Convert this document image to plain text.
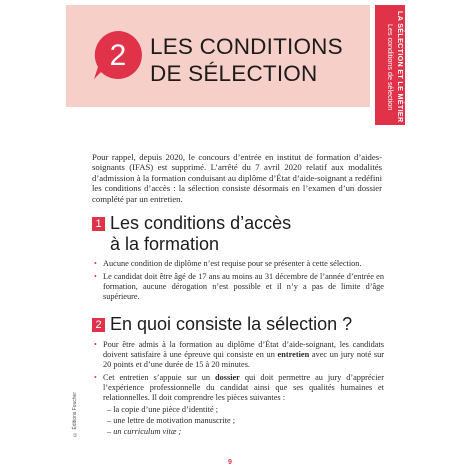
LA SÉLECTION ET LE MÉTIER
Les conditions de sélection
2 LES CONDITIONS
DE SÉLECTION

Pour rappel, depuis 2020, le concours d’entrée en institut de formation d’aides-soignants (IFAS) est supprimé. L’arrêté du 7 avril 2020 relatif aux modalités d’admission à la formation conduisant au diplôme d’État d’aide-soignant a redéfini les conditions d’accès : la sélection consiste désormais en l’examen d’un dossier complété par un entretien.

1 Les conditions d’accès
à la formation
• Aucune condition de diplôme n’est requise pour se présenter à cette sélection.
• Le candidat doit être âgé de 17 ans au moins au 31 décembre de l’année d’entrée en formation, aucune dérogation n’est possible et il n’y a pas de limite d’âge supérieure.
2 En quoi consiste la sélection ?
• Pour être admis à la formation au diplôme d’État d’aide-soignant, les candidats doivent satisfaire à une épreuve qui consiste en un entretien avec un jury noté sur 20 points et d’une durée de 15 à 20 minutes.
• Cet entretien s’appuie sur un dossier qui doit permettre au jury d’apprécier l’expérience professionnelle du candidat ainsi que ses qualités humaines et relationnelles. Il doit comprendre les pièces suivantes :
– la copie d’une pièce d’identité ;
– une lettre de motivation manuscrite ;
– un curriculum vitæ ;
© Éditions Foucher
9
